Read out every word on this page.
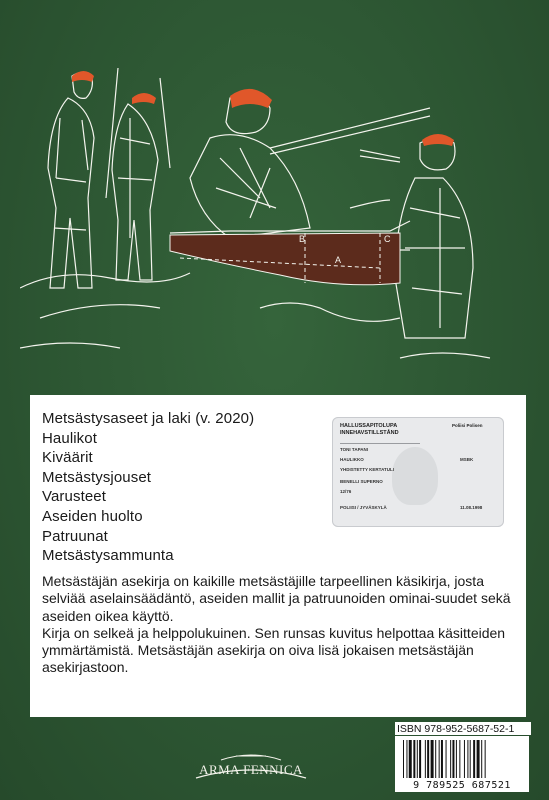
A
B	C
Metsästysaseet ja laki (v. 2020)
Haulikot
Kiväärit
Metsästysjouset
Varusteet
Aseiden huolto
Patruunat
Metsästysammunta
HALLUSSAPITOLUPA INNEHAVSTILLSTÅND
Poliisi Polisen
TONI TAPANI
HAULIKKO
YHDISTETTY KERTATULI
BENELLI SUPERNO
12/76
POLIISI / JYVÄSKYLÄ
MSBK
11.08.1998

Metsästäjän asekirja on kaikille metsästäjille tarpeellinen käsikirja, josta selviää aselainsäädäntö, aseiden mallit ja patruunoiden ominai-suudet sekä aseiden oikea käyttö.

Kirja on selkeä ja helppolukuinen. Sen runsas kuvitus helpottaa käsitteiden ymmärtämistä. Metsästäjän asekirja on oiva lisä jokaisen metsästäjän asekirjastoon.

ARMA FENNICA
ISBN 978-952-5687-52-1
9 789525 687521
